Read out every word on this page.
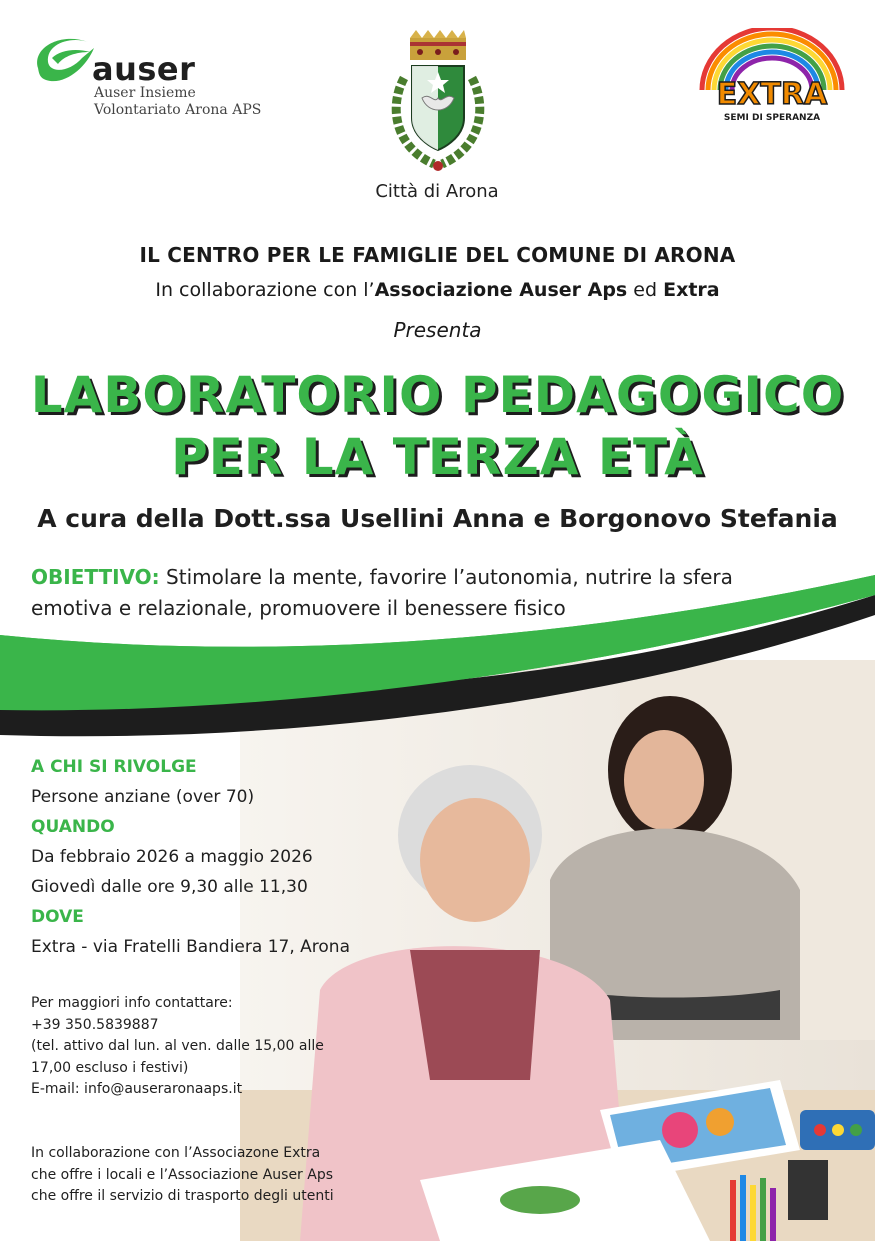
auser
Auser Insieme
Volontariato Arona APS
Città di Arona
EXTRA
SEMI DI SPERANZA
IL CENTRO PER LE FAMIGLIE DEL COMUNE DI ARONA
In collaborazione con l’Associazione Auser Aps ed Extra
Presenta
LABORATORIO PEDAGOGICO
PER LA TERZA ETÀ
A cura della Dott.ssa Usellini Anna e Borgonovo Stefania
OBIETTIVO: Stimolare la mente, favorire l’autonomia, nutrire la sfera
emotiva e relazionale, promuovere il benessere fisico
A CHI SI RIVOLGE
Persone anziane (over 70)
QUANDO
Da febbraio 2026 a maggio 2026
Giovedì dalle ore 9,30 alle 11,30
DOVE
Extra - via Fratelli Bandiera 17, Arona
Per maggiori info contattare:
+39 350.5839887
(tel. attivo dal lun. al ven. dalle 15,00 alle
17,00 escluso i festivi)
E-mail: info@auseraronaaps.it
In collaborazione con l’Associazone Extra
che offre i locali e l’Associazione Auser Aps
che offre il servizio di trasporto degli utenti
